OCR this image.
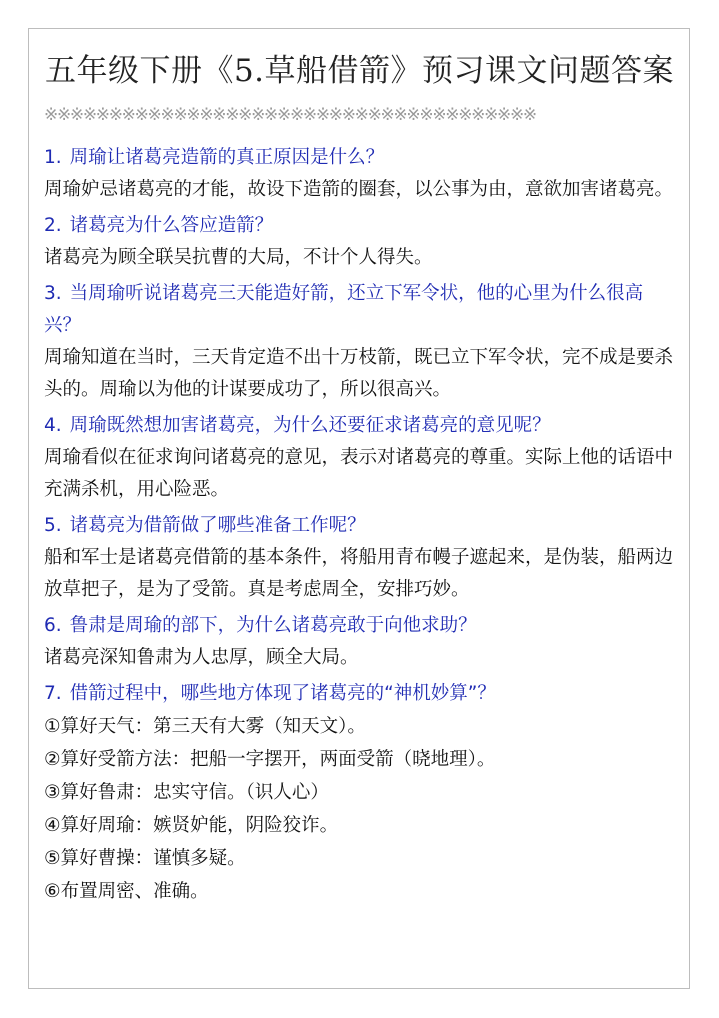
五年级下册《5.草船借箭》预习课文问题答案
※※※※※※※※※※※※※※※※※※※※※※※※※※※※※※※※※※※※※※

1. 周瑜让诸葛亮造箭的真正原因是什么？

周瑜妒忌诸葛亮的才能，故设下造箭的圈套，以公事为由，意欲加害诸葛亮。

2. 诸葛亮为什么答应造箭？

诸葛亮为顾全联吴抗曹的大局，不计个人得失。

3. 当周瑜听说诸葛亮三天能造好箭，还立下军令状，他的心里为什么很高兴？

周瑜知道在当时，三天肯定造不出十万枝箭，既已立下军令状，完不成是要杀头的。周瑜以为他的计谋要成功了，所以很高兴。

4. 周瑜既然想加害诸葛亮，为什么还要征求诸葛亮的意见呢？

周瑜看似在征求询问诸葛亮的意见，表示对诸葛亮的尊重。实际上他的话语中充满杀机，用心险恶。

5. 诸葛亮为借箭做了哪些准备工作呢？

船和军士是诸葛亮借箭的基本条件，将船用青布幔子遮起来，是伪装，船两边放草把子，是为了受箭。真是考虑周全，安排巧妙。

6. 鲁肃是周瑜的部下，为什么诸葛亮敢于向他求助？

诸葛亮深知鲁肃为人忠厚，顾全大局。

7. 借箭过程中，哪些地方体现了诸葛亮的“神机妙算”？

①算好天气：第三天有大雾（知天文）。

②算好受箭方法：把船一字摆开，两面受箭（晓地理）。

③算好鲁肃：忠实守信。（识人心）

④算好周瑜：嫉贤妒能，阴险狡诈。

⑤算好曹操：谨慎多疑。

⑥布置周密、准确。
